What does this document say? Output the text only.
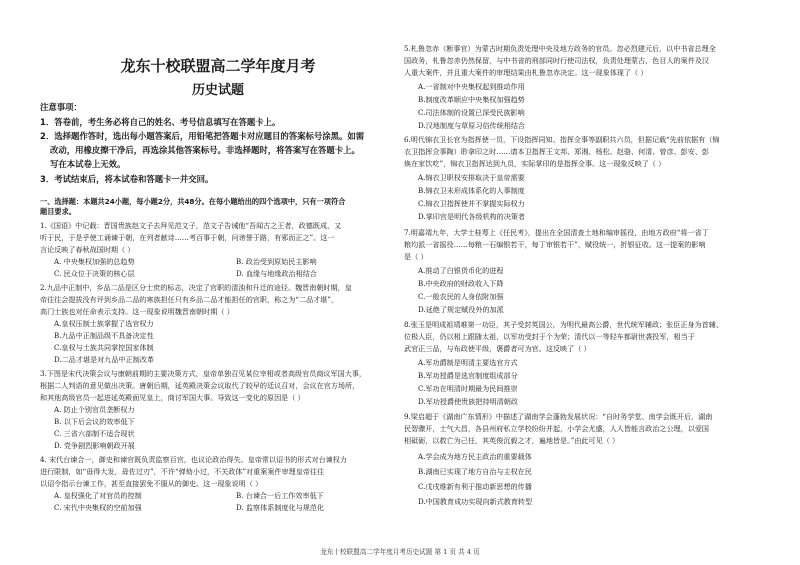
龙东十校联盟高二学年度月考
历史试题
注意事项：
1．答卷前，考生务必将自己的姓名、考号信息填写在答题卡上。
2．选择题作答时，选出每小题答案后，用铅笔把答题卡对应题目的答案标号涂黑。如需
改动，用橡皮擦干净后，再选涂其他答案标号。非选择题时，将答案写在答题卡上。
写在本试卷上无效。
3．考试结束后，将本试卷和答题卡一并交回。
一、选择题：本题共24小题，每小题2分，共48分。在每小题给出的四个选项中，只有一项符合
题目要求。
1.《国语》中记载：晋国贵族赵文子去拜见范文子，范文子告诫他“吾闻古之王者，政德既成，又
听于民，于是乎使工诵谏于朝，在列者献诗……考百事于朝，问谤誉于路，有邪而正之”。这一
言论反映了春秋战国时期（ ）
A. 中央集权加强的总趋势	B. 政治受到原始民主影响
C. 民众位于决策的核心层	D. 血缘与地缘政治相结合
2.九品中正制中，乡品二品是区分士庶的标志，决定了官职的清浊和升迁的途径。魏晋南朝时期，皇
帝往往会提拔没有评到乡品二品的寒族担任只有乡品二品才能担任的官职，称之为“二品才堪”，
高门士族也对任命表示支持。这一现象说明魏晋南朝时期（ ）
A.皇权压制士族掌握了选官权力
B.九品中正制品级不具备决定性
C.皇权与士族共同掌控国家体制
D.二品才堪是对九品中正制改革
3.下图是宋代决策会议与康朝前期的主要决策方式，皇帝单独召见某位宰相或者高级官员商议军国大事，
根据二人判语的意见做出决策。唐朝后期，延英殿决策会议取代了较早的廷议召对，会议在官方场所，
和其他高级官员一起进延英殿面见皇上，商讨军国大事。导致这一变化的原因是（ ）
A. 防止个别官员垄断权力
B. 以下后会议的效率低下
C. 三省六部制不适合现状
D. 党争剧烈影响朝政开展
4. 宋代台谏合一，御史和谏官既负责监察百官，也议论政治得失。皇帝常以诏书的形式对台谏权力
进行限制，如“毋得大发，毋佐过刃”，不许“弹劾小过，不关政体”对重案案件审理皇帝往往
以诏令指示台谏工作，甚至直接罢免不服从的御史。这一现象说明（ ）
A. 皇权强化了对官员的控制	B. 台谏合一后工作效率低下
C. 宋代中央集权的空前加强	D. 监察体系制度化与规范化
5.札鲁忽赤（断事官）为蒙古时期负责处理中央及地方政务的官员。忽必烈建元后，以中书省总理全
国政务，札鲁忽赤仍然保留，与中书省的刑部同时行使司法权，负责处理蒙古、色目人的案件及汉
人重大案件，并且重大案件的审理结果由札鲁忽赤决定。这一现象体现了（ ）
A.一省制对中央集权起到推动作用
B.制度改革顺应中央集权加强趋势
C.司法体制的设置已深受民族影响
D.汉地制度与草原习俗传统相结合
6.明代锦衣卫长官为指挥使一员，下设指挥同知、指挥佥事等副职共六员，但据记载“先前依据有（锦
衣卫指挥佥事陶）聆拿印之时……请本卫指挥王文邦、郑湘、杨松、赵骆、何清、曾彦、彭安、彭
焕在家饮吃”，锦衣卫指挥达到九员，实际掌印的是指挥佥事。这一现象反映了（ ）
A.锦衣卫职权安排取决于皇帝需要
B.锦衣卫未形成体系化的人事制度
C.锦衣卫指挥使并不掌握实际权力
D.掌印官是明代各级机构的决策者
7.明嘉靖九年，大学士桂萼上《任民考》，提出在全国清查土地和编审摇役，由地方政府“将一省丁
粮均派一省摇役……每粮一石编银若干，每丁审银若干”，赋役统一，折银征收。这一提案的影响
是（ ）
A.推动了白银货币化的进程
B.中央政府的财政收入下降
C.一般农民的人身依附加强
D.延绝了规定赋役外的加派
8.张玉是明成祖靖难第一功臣，其子受封英国公，为明代最高公爵，世代统军辅政；张臣正身为首辅、
位极人臣，仍以相上跟随太祖，以军功受封于个为荣；清代以一等轻车都尉世袭投军，相当于
武官正三品，与布政使平级，褒爵者可为官。这反映了（ ）
A.军功爵制是明清主要选官方式
B.军功授爵是选官制度组成部分
C.军功在明清时期最为民间推崇
D.军功授爵使贵族把持明清朝政
9.梁启超于《湖南广东情形》中描述了湖南学会蓬勃发展状况：“自时务学堂、南学会既开后，湖南
民智骤开，士气大昌，各县州府私立学校纷纷并起，小学会尤盛，人人皆能言政治之公理，以爱国
相砥砺，以救亡为己任，其英俊沉毅之才，遍地皆是。”由此可见（ ）
A.学会成为地方民主政治的重要载体
B.湖南已实现了地方自治与主权在民
C.戊戌维新有利于推动新思想的传播
D.中国教育成功实现向新式教育转型
龙东十校联盟高二学年度月考历史试题 第 1 页 共 4 页
